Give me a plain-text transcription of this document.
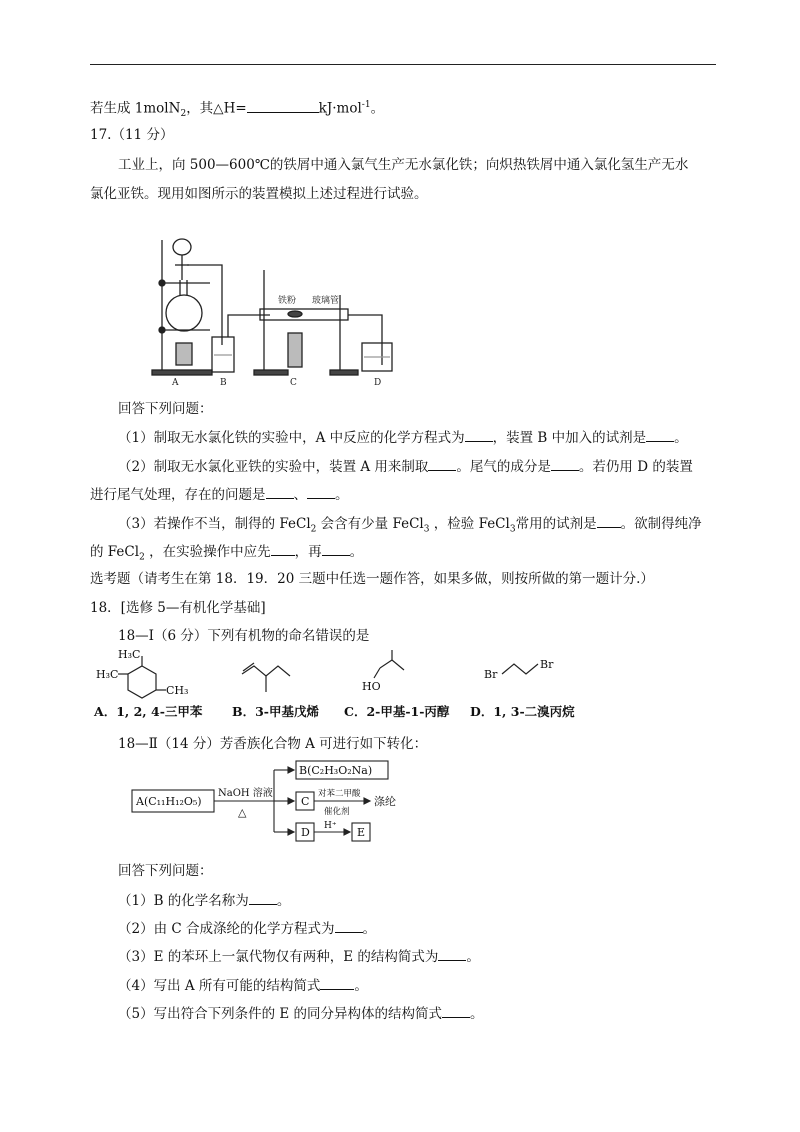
若生成 1molN$_2$，其△H=	kJ·mol$^{-1}$。
17.（11 分）
工业上，向 500—600℃的铁屑中通入氯气生产无水氯化铁；向炽热铁屑中通入氯化氢生产无水
氯化亚铁。现用如图所示的装置模拟上述过程进行试验。
铁粉 玻璃管
A	B	C	D
回答下列问题：
（1）制取无水氯化铁的实验中，A 中反应的化学方程式为 ，装置 B 中加入的试剂是 。
（2）制取无水氯化亚铁的实验中，装置 A 用来制取 。尾气的成分是 。若仍用 D 的装置
进行尾气处理，存在的问题是 、 。
（3）若操作不当，制得的 FeCl$_2$ 会含有少量 FeCl$_3$ ，检验 FeCl$_3$常用的试剂是 。欲制得纯净
的 FeCl$_2$ ，在实验操作中应先 ，再 。
选考题（请考生在第 18．19．20 三题中任选一题作答，如果多做，则按所做的第一题计分.）
18．[选修 5—有机化学基础]
18—Ⅰ（6 分）下列有机物的命名错误的是
H₃C
H₃C
CH₃	HO
Br
Br
A．1, 2, 4-三甲苯 B．3-甲基戊烯 C．2-甲基-1-丙醇 D．1, 3-二溴丙烷
18—Ⅱ（14 分）芳香族化合物 A 可进行如下转化：
A(C₁₁H₁₂O₅)
NaOH 溶液
△
B(C₂H₃O₂Na)
C
对苯二甲酸
催化剂
涤纶
D H⁺ E
回答下列问题：
（1）B 的化学名称为 。
（2）由 C 合成涤纶的化学方程式为 。
（3）E 的苯环上一氯代物仅有两种，E 的结构简式为 。
（4）写出 A 所有可能的结构简式	。
（5）写出符合下列条件的 E 的同分异构体的结构简式 。
